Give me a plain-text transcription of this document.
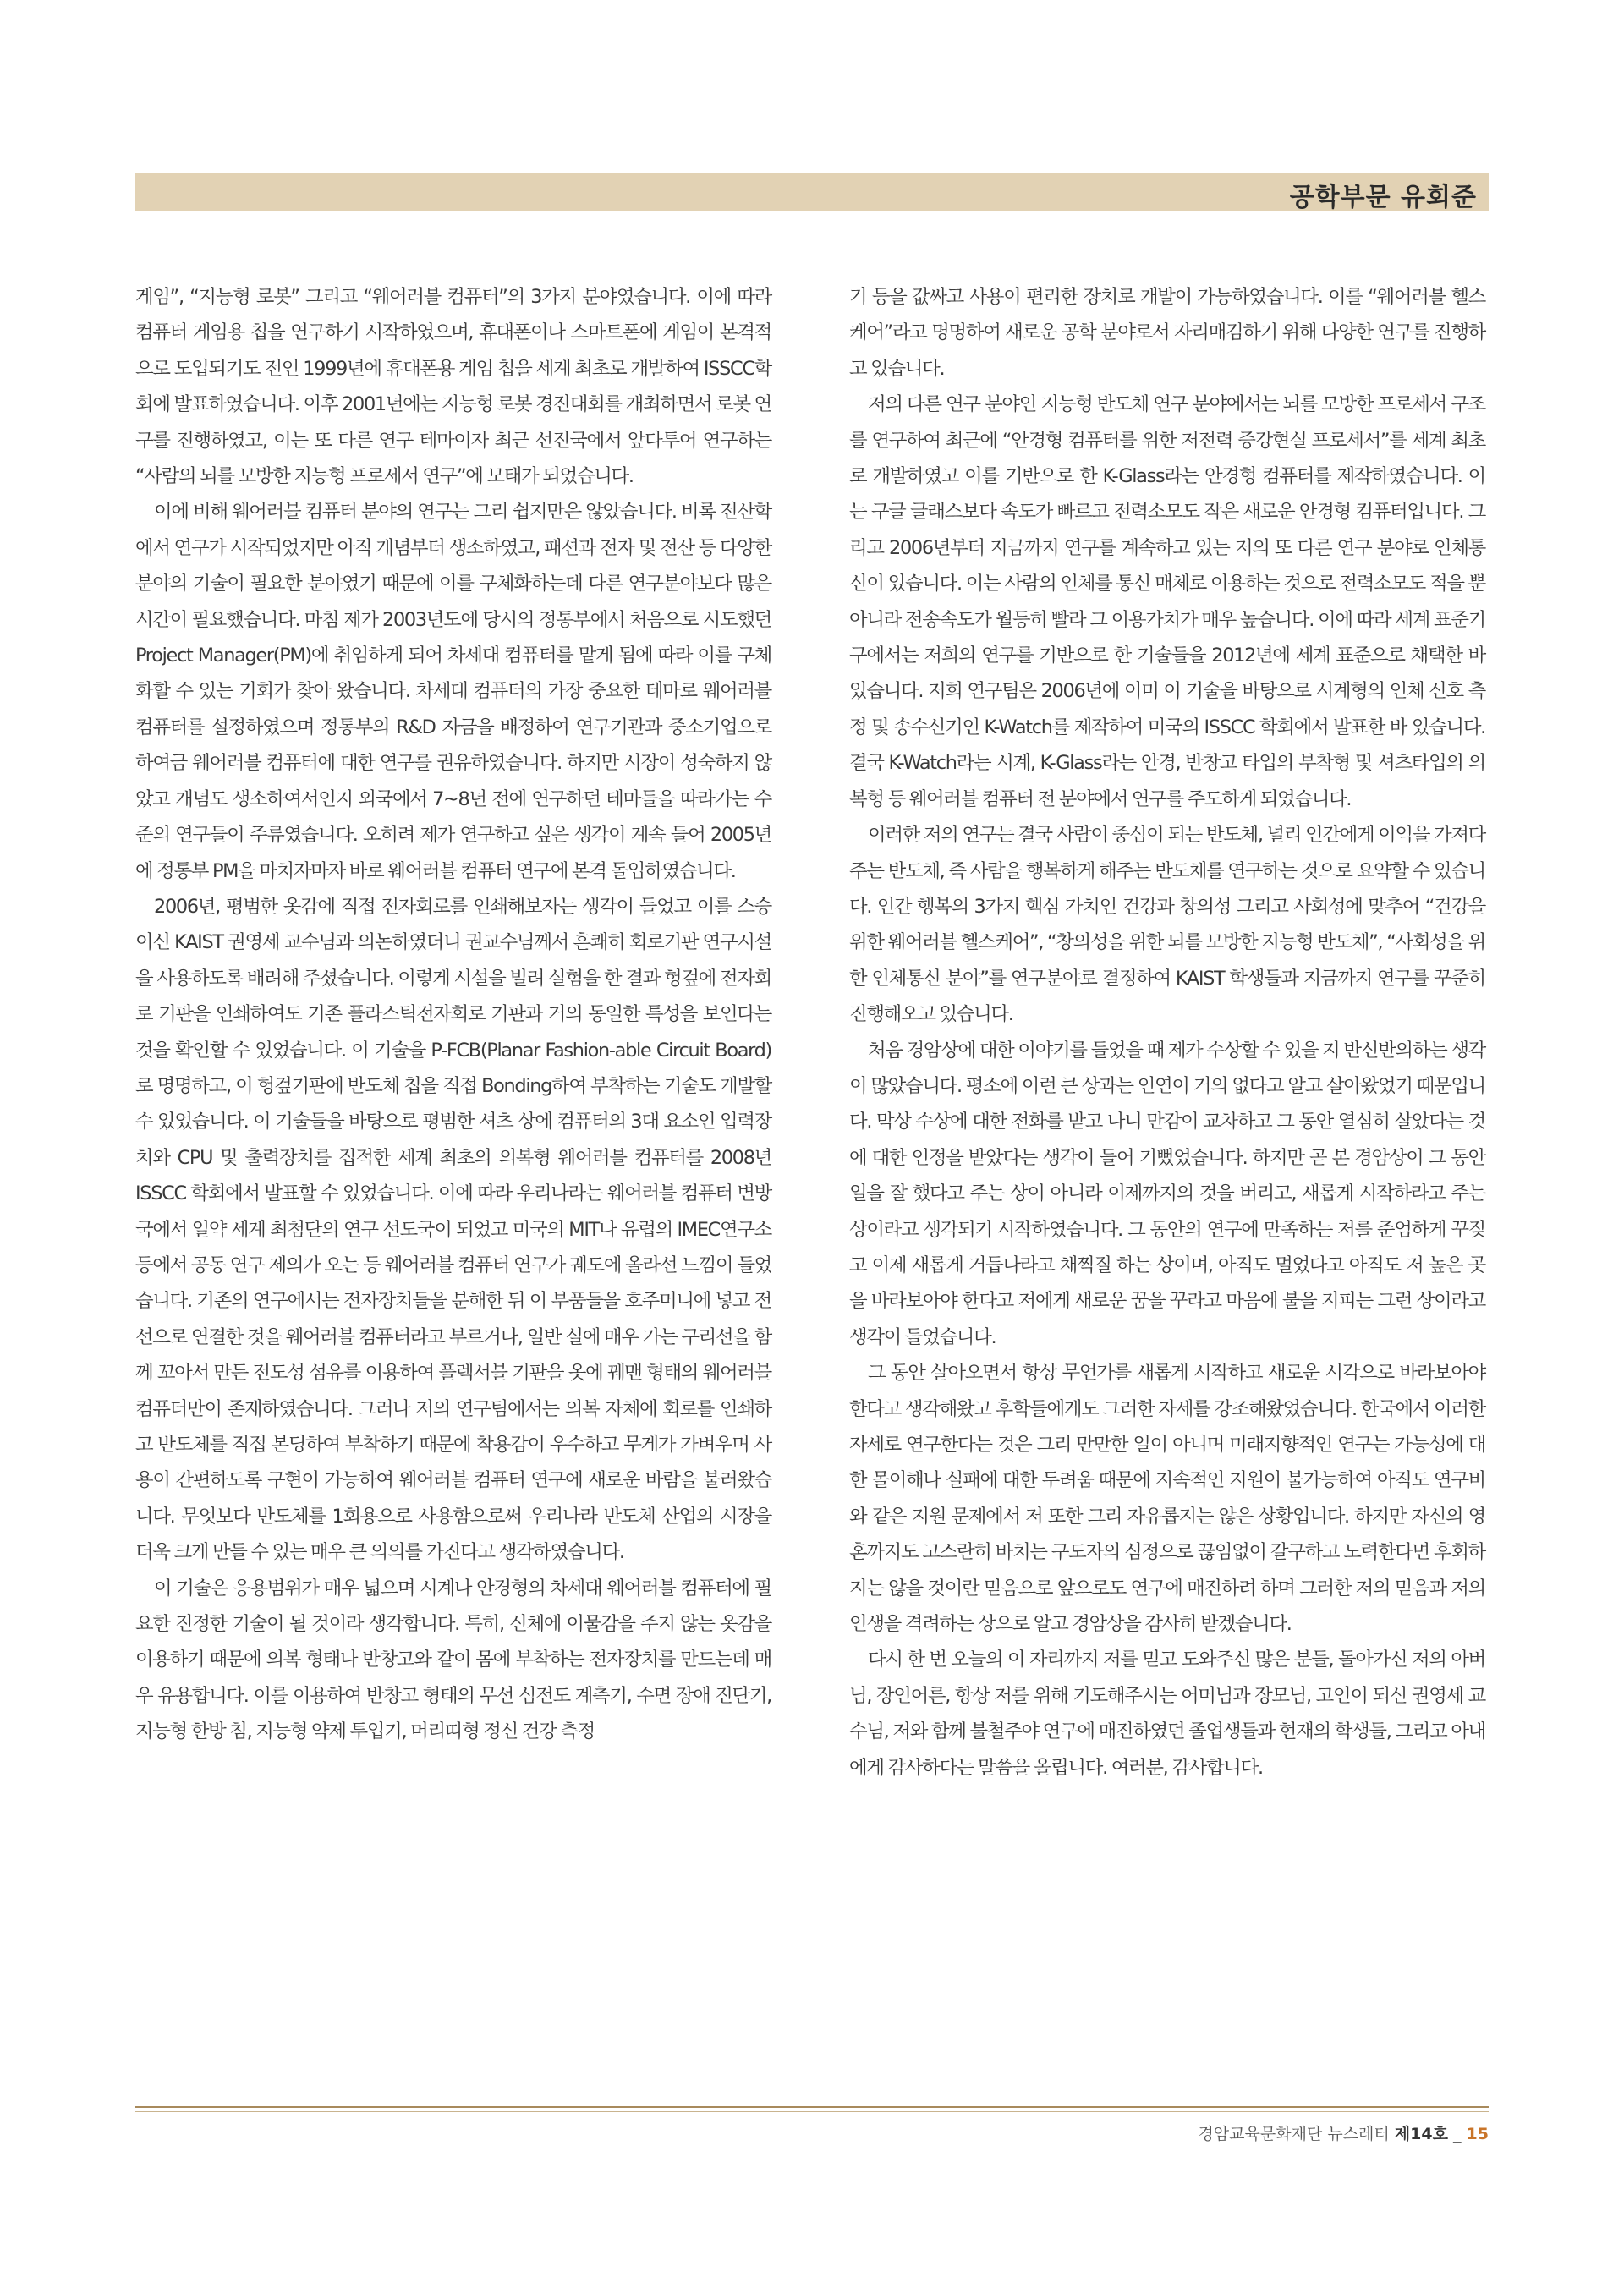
공학부문 유회준

게임”, “지능형 로봇” 그리고 “웨어러블 컴퓨터”의 3가지 분야였습니다. 이에 따라 컴퓨터 게임용 칩을 연구하기 시작하였으며, 휴대폰이나 스마트폰에 게임이 본격적으로 도입되기도 전인 1999년에 휴대폰용 게임 칩을 세계 최초로 개발하여 ISSCC학회에 발표하였습니다. 이후 2001년에는 지능형 로봇 경진대회를 개최하면서 로봇 연구를 진행하였고, 이는 또 다른 연구 테마이자 최근 선진국에서 앞다투어 연구하는 “사람의 뇌를 모방한 지능형 프로세서 연구”에 모태가 되었습니다.

이에 비해 웨어러블 컴퓨터 분야의 연구는 그리 쉽지만은 않았습니다. 비록 전산학에서 연구가 시작되었지만 아직 개념부터 생소하였고, 패션과 전자 및 전산 등 다양한 분야의 기술이 필요한 분야였기 때문에 이를 구체화하는데 다른 연구분야보다 많은 시간이 필요했습니다. 마침 제가 2003년도에 당시의 정통부에서 처음으로 시도했던 Project Manager(PM)에 취임하게 되어 차세대 컴퓨터를 맡게 됨에 따라 이를 구체화할 수 있는 기회가 찾아 왔습니다. 차세대 컴퓨터의 가장 중요한 테마로 웨어러블 컴퓨터를 설정하였으며 정통부의 R&D 자금을 배정하여 연구기관과 중소기업으로 하여금 웨어러블 컴퓨터에 대한 연구를 권유하였습니다. 하지만 시장이 성숙하지 않았고 개념도 생소하여서인지 외국에서 7~8년 전에 연구하던 테마들을 따라가는 수준의 연구들이 주류였습니다. 오히려 제가 연구하고 싶은 생각이 계속 들어 2005년에 정통부 PM을 마치자마자 바로 웨어러블 컴퓨터 연구에 본격 돌입하였습니다.

2006년, 평범한 옷감에 직접 전자회로를 인쇄해보자는 생각이 들었고 이를 스승이신 KAIST 권영세 교수님과 의논하였더니 권교수님께서 흔쾌히 회로기판 연구시설을 사용하도록 배려해 주셨습니다. 이렇게 시설을 빌려 실험을 한 결과 헝겊에 전자회로 기판을 인쇄하여도 기존 플라스틱전자회로 기판과 거의 동일한 특성을 보인다는 것을 확인할 수 있었습니다. 이 기술을 P-FCB(Planar Fashion-able Circuit Board)로 명명하고, 이 헝겊기판에 반도체 칩을 직접 Bonding하여 부착하는 기술도 개발할 수 있었습니다. 이 기술들을 바탕으로 평범한 셔츠 상에 컴퓨터의 3대 요소인 입력장치와 CPU 및 출력장치를 집적한 세계 최초의 의복형 웨어러블 컴퓨터를 2008년 ISSCC 학회에서 발표할 수 있었습니다. 이에 따라 우리나라는 웨어러블 컴퓨터 변방국에서 일약 세계 최첨단의 연구 선도국이 되었고 미국의 MIT나 유럽의 IMEC연구소 등에서 공동 연구 제의가 오는 등 웨어러블 컴퓨터 연구가 궤도에 올라선 느낌이 들었습니다. 기존의 연구에서는 전자장치들을 분해한 뒤 이 부품들을 호주머니에 넣고 전선으로 연결한 것을 웨어러블 컴퓨터라고 부르거나, 일반 실에 매우 가는 구리선을 함께 꼬아서 만든 전도성 섬유를 이용하여 플렉서블 기판을 옷에 꿰맨 형태의 웨어러블 컴퓨터만이 존재하였습니다. 그러나 저의 연구팀에서는 의복 자체에 회로를 인쇄하고 반도체를 직접 본딩하여 부착하기 때문에 착용감이 우수하고 무게가 가벼우며 사용이 간편하도록 구현이 가능하여 웨어러블 컴퓨터 연구에 새로운 바람을 불러왔습니다. 무엇보다 반도체를 1회용으로 사용함으로써 우리나라 반도체 산업의 시장을 더욱 크게 만들 수 있는 매우 큰 의의를 가진다고 생각하였습니다.

이 기술은 응용범위가 매우 넓으며 시계나 안경형의 차세대 웨어러블 컴퓨터에 필요한 진정한 기술이 될 것이라 생각합니다. 특히, 신체에 이물감을 주지 않는 옷감을 이용하기 때문에 의복 형태나 반창고와 같이 몸에 부착하는 전자장치를 만드는데 매우 유용합니다. 이를 이용하여 반창고 형태의 무선 심전도 계측기, 수면 장애 진단기, 지능형 한방 침, 지능형 약제 투입기, 머리띠형 정신 건강 측정

기 등을 값싸고 사용이 편리한 장치로 개발이 가능하였습니다. 이를 “웨어러블 헬스케어”라고 명명하여 새로운 공학 분야로서 자리매김하기 위해 다양한 연구를 진행하고 있습니다.

저의 다른 연구 분야인 지능형 반도체 연구 분야에서는 뇌를 모방한 프로세서 구조를 연구하여 최근에 “안경형 컴퓨터를 위한 저전력 증강현실 프로세서”를 세계 최초로 개발하였고 이를 기반으로 한 K-Glass라는 안경형 컴퓨터를 제작하였습니다. 이는 구글 글래스보다 속도가 빠르고 전력소모도 작은 새로운 안경형 컴퓨터입니다. 그리고 2006년부터 지금까지 연구를 계속하고 있는 저의 또 다른 연구 분야로 인체통신이 있습니다. 이는 사람의 인체를 통신 매체로 이용하는 것으로 전력소모도 적을 뿐 아니라 전송속도가 월등히 빨라 그 이용가치가 매우 높습니다. 이에 따라 세계 표준기구에서는 저희의 연구를 기반으로 한 기술들을 2012년에 세계 표준으로 채택한 바 있습니다. 저희 연구팀은 2006년에 이미 이 기술을 바탕으로 시계형의 인체 신호 측정 및 송수신기인 K-Watch를 제작하여 미국의 ISSCC 학회에서 발표한 바 있습니다. 결국 K-Watch라는 시계, K-Glass라는 안경, 반창고 타입의 부착형 및 셔츠타입의 의복형 등 웨어러블 컴퓨터 전 분야에서 연구를 주도하게 되었습니다.

이러한 저의 연구는 결국 사람이 중심이 되는 반도체, 널리 인간에게 이익을 가져다 주는 반도체, 즉 사람을 행복하게 해주는 반도체를 연구하는 것으로 요약할 수 있습니다. 인간 행복의 3가지 핵심 가치인 건강과 창의성 그리고 사회성에 맞추어 “건강을 위한 웨어러블 헬스케어”, “창의성을 위한 뇌를 모방한 지능형 반도체”, “사회성을 위한 인체통신 분야”를 연구분야로 결정하여 KAIST 학생들과 지금까지 연구를 꾸준히 진행해오고 있습니다.

처음 경암상에 대한 이야기를 들었을 때 제가 수상할 수 있을 지 반신반의하는 생각이 많았습니다. 평소에 이런 큰 상과는 인연이 거의 없다고 알고 살아왔었기 때문입니다. 막상 수상에 대한 전화를 받고 나니 만감이 교차하고 그 동안 열심히 살았다는 것에 대한 인정을 받았다는 생각이 들어 기뻤었습니다. 하지만 곧 본 경암상이 그 동안 일을 잘 했다고 주는 상이 아니라 이제까지의 것을 버리고, 새롭게 시작하라고 주는 상이라고 생각되기 시작하였습니다. 그 동안의 연구에 만족하는 저를 준엄하게 꾸짖고 이제 새롭게 거듭나라고 채찍질 하는 상이며, 아직도 멀었다고 아직도 저 높은 곳을 바라보아야 한다고 저에게 새로운 꿈을 꾸라고 마음에 불을 지피는 그런 상이라고 생각이 들었습니다.

그 동안 살아오면서 항상 무언가를 새롭게 시작하고 새로운 시각으로 바라보아야 한다고 생각해왔고 후학들에게도 그러한 자세를 강조해왔었습니다. 한국에서 이러한 자세로 연구한다는 것은 그리 만만한 일이 아니며 미래지향적인 연구는 가능성에 대한 몰이해나 실패에 대한 두려움 때문에 지속적인 지원이 불가능하여 아직도 연구비와 같은 지원 문제에서 저 또한 그리 자유롭지는 않은 상황입니다. 하지만 자신의 영혼까지도 고스란히 바치는 구도자의 심정으로 끊임없이 갈구하고 노력한다면 후회하지는 않을 것이란 믿음으로 앞으로도 연구에 매진하려 하며 그러한 저의 믿음과 저의 인생을 격려하는 상으로 알고 경암상을 감사히 받겠습니다.

다시 한 번 오늘의 이 자리까지 저를 믿고 도와주신 많은 분들, 돌아가신 저의 아버님, 장인어른, 항상 저를 위해 기도해주시는 어머님과 장모님, 고인이 되신 권영세 교수님, 저와 함께 불철주야 연구에 매진하였던 졸업생들과 현재의 학생들, 그리고 아내에게 감사하다는 말씀을 올립니다. 여러분, 감사합니다.

경암교육문화재단 뉴스레터 제14호 _ 15
